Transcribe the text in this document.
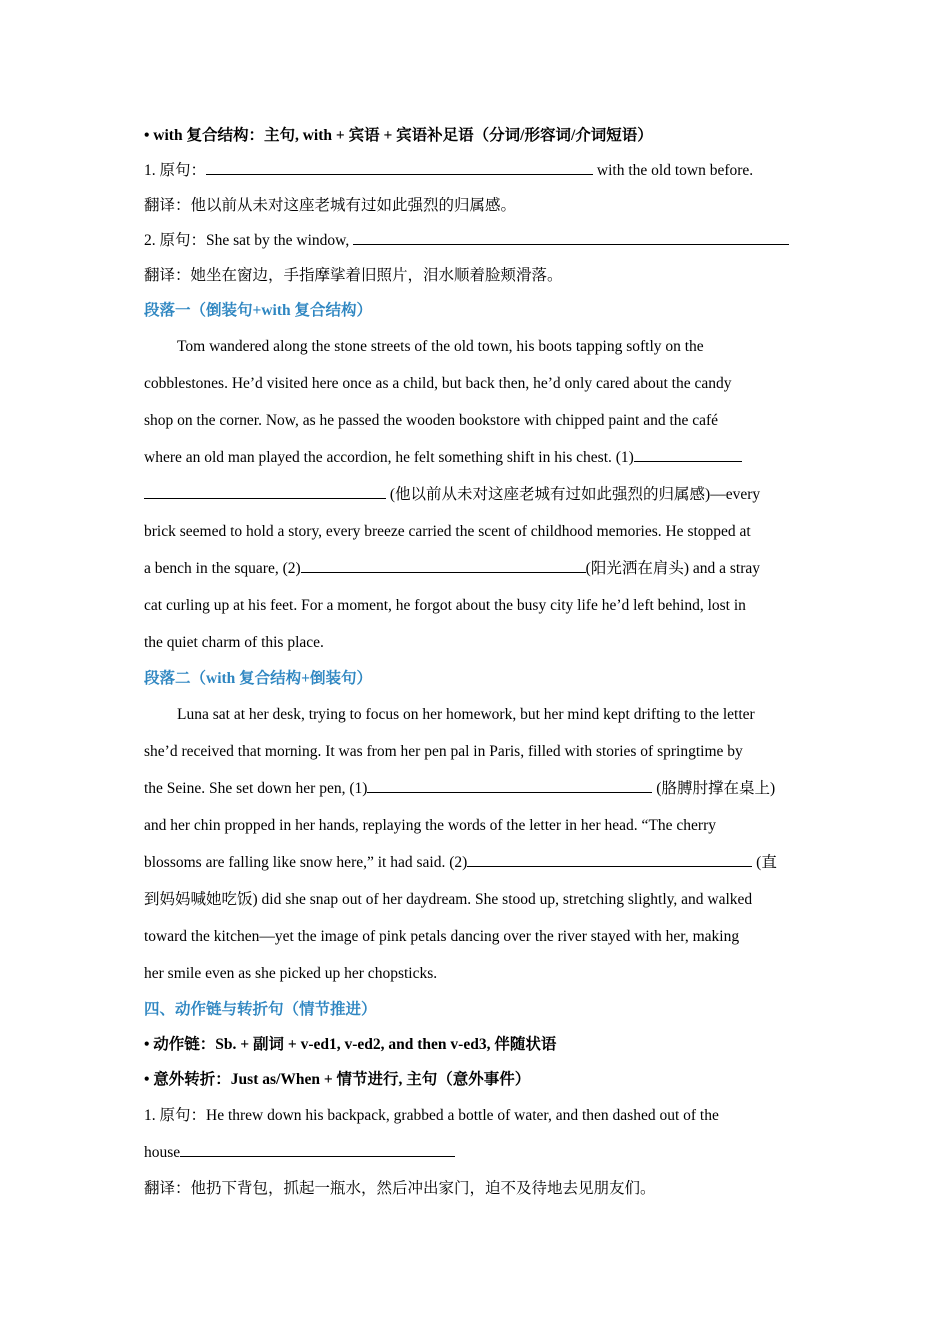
• with 复合结构：主句, with + 宾语 + 宾语补足语（分词/形容词/介词短语）
1. 原句：	with the old town before.
翻译：他以前从未对这座老城有过如此强烈的归属感。
2. 原句：She sat by the window,
翻译：她坐在窗边，手指摩挲着旧照片，泪水顺着脸颊滑落。
段落一（倒装句+with 复合结构）
Tom wandered along the stone streets of the old town, his boots tapping softly on the
cobblestones. He’d visited here once as a child, but back then, he’d only cared about the candy
shop on the corner. Now, as he passed the wooden bookstore with chipped paint and the café
where an old man played the accordion, he felt something shift in his chest. (1)
(他以前从未对这座老城有过如此强烈的归属感)—every
brick seemed to hold a story, every breeze carried the scent of childhood memories. He stopped at
a bench in the square, (2)	(阳光洒在肩头) and a stray
cat curling up at his feet. For a moment, he forgot about the busy city life he’d left behind, lost in
the quiet charm of this place.
段落二（with 复合结构+倒装句）
Luna sat at her desk, trying to focus on her homework, but her mind kept drifting to the letter
she’d received that morning. It was from her pen pal in Paris, filled with stories of springtime by
the Seine. She set down her pen, (1)	(胳膊肘撑在桌上)
and her chin propped in her hands, replaying the words of the letter in her head. “The cherry
blossoms are falling like snow here,” it had said. (2)	(直
到妈妈喊她吃饭) did she snap out of her daydream. She stood up, stretching slightly, and walked
toward the kitchen—yet the image of pink petals dancing over the river stayed with her, making
her smile even as she picked up her chopsticks.
四、动作链与转折句（情节推进）
• 动作链：Sb. + 副词 + v-ed1, v-ed2, and then v-ed3, 伴随状语
• 意外转折：Just as/When + 情节进行, 主句（意外事件）
1. 原句：He threw down his backpack, grabbed a bottle of water, and then dashed out of the
house
翻译：他扔下背包，抓起一瓶水，然后冲出家门，迫不及待地去见朋友们。
